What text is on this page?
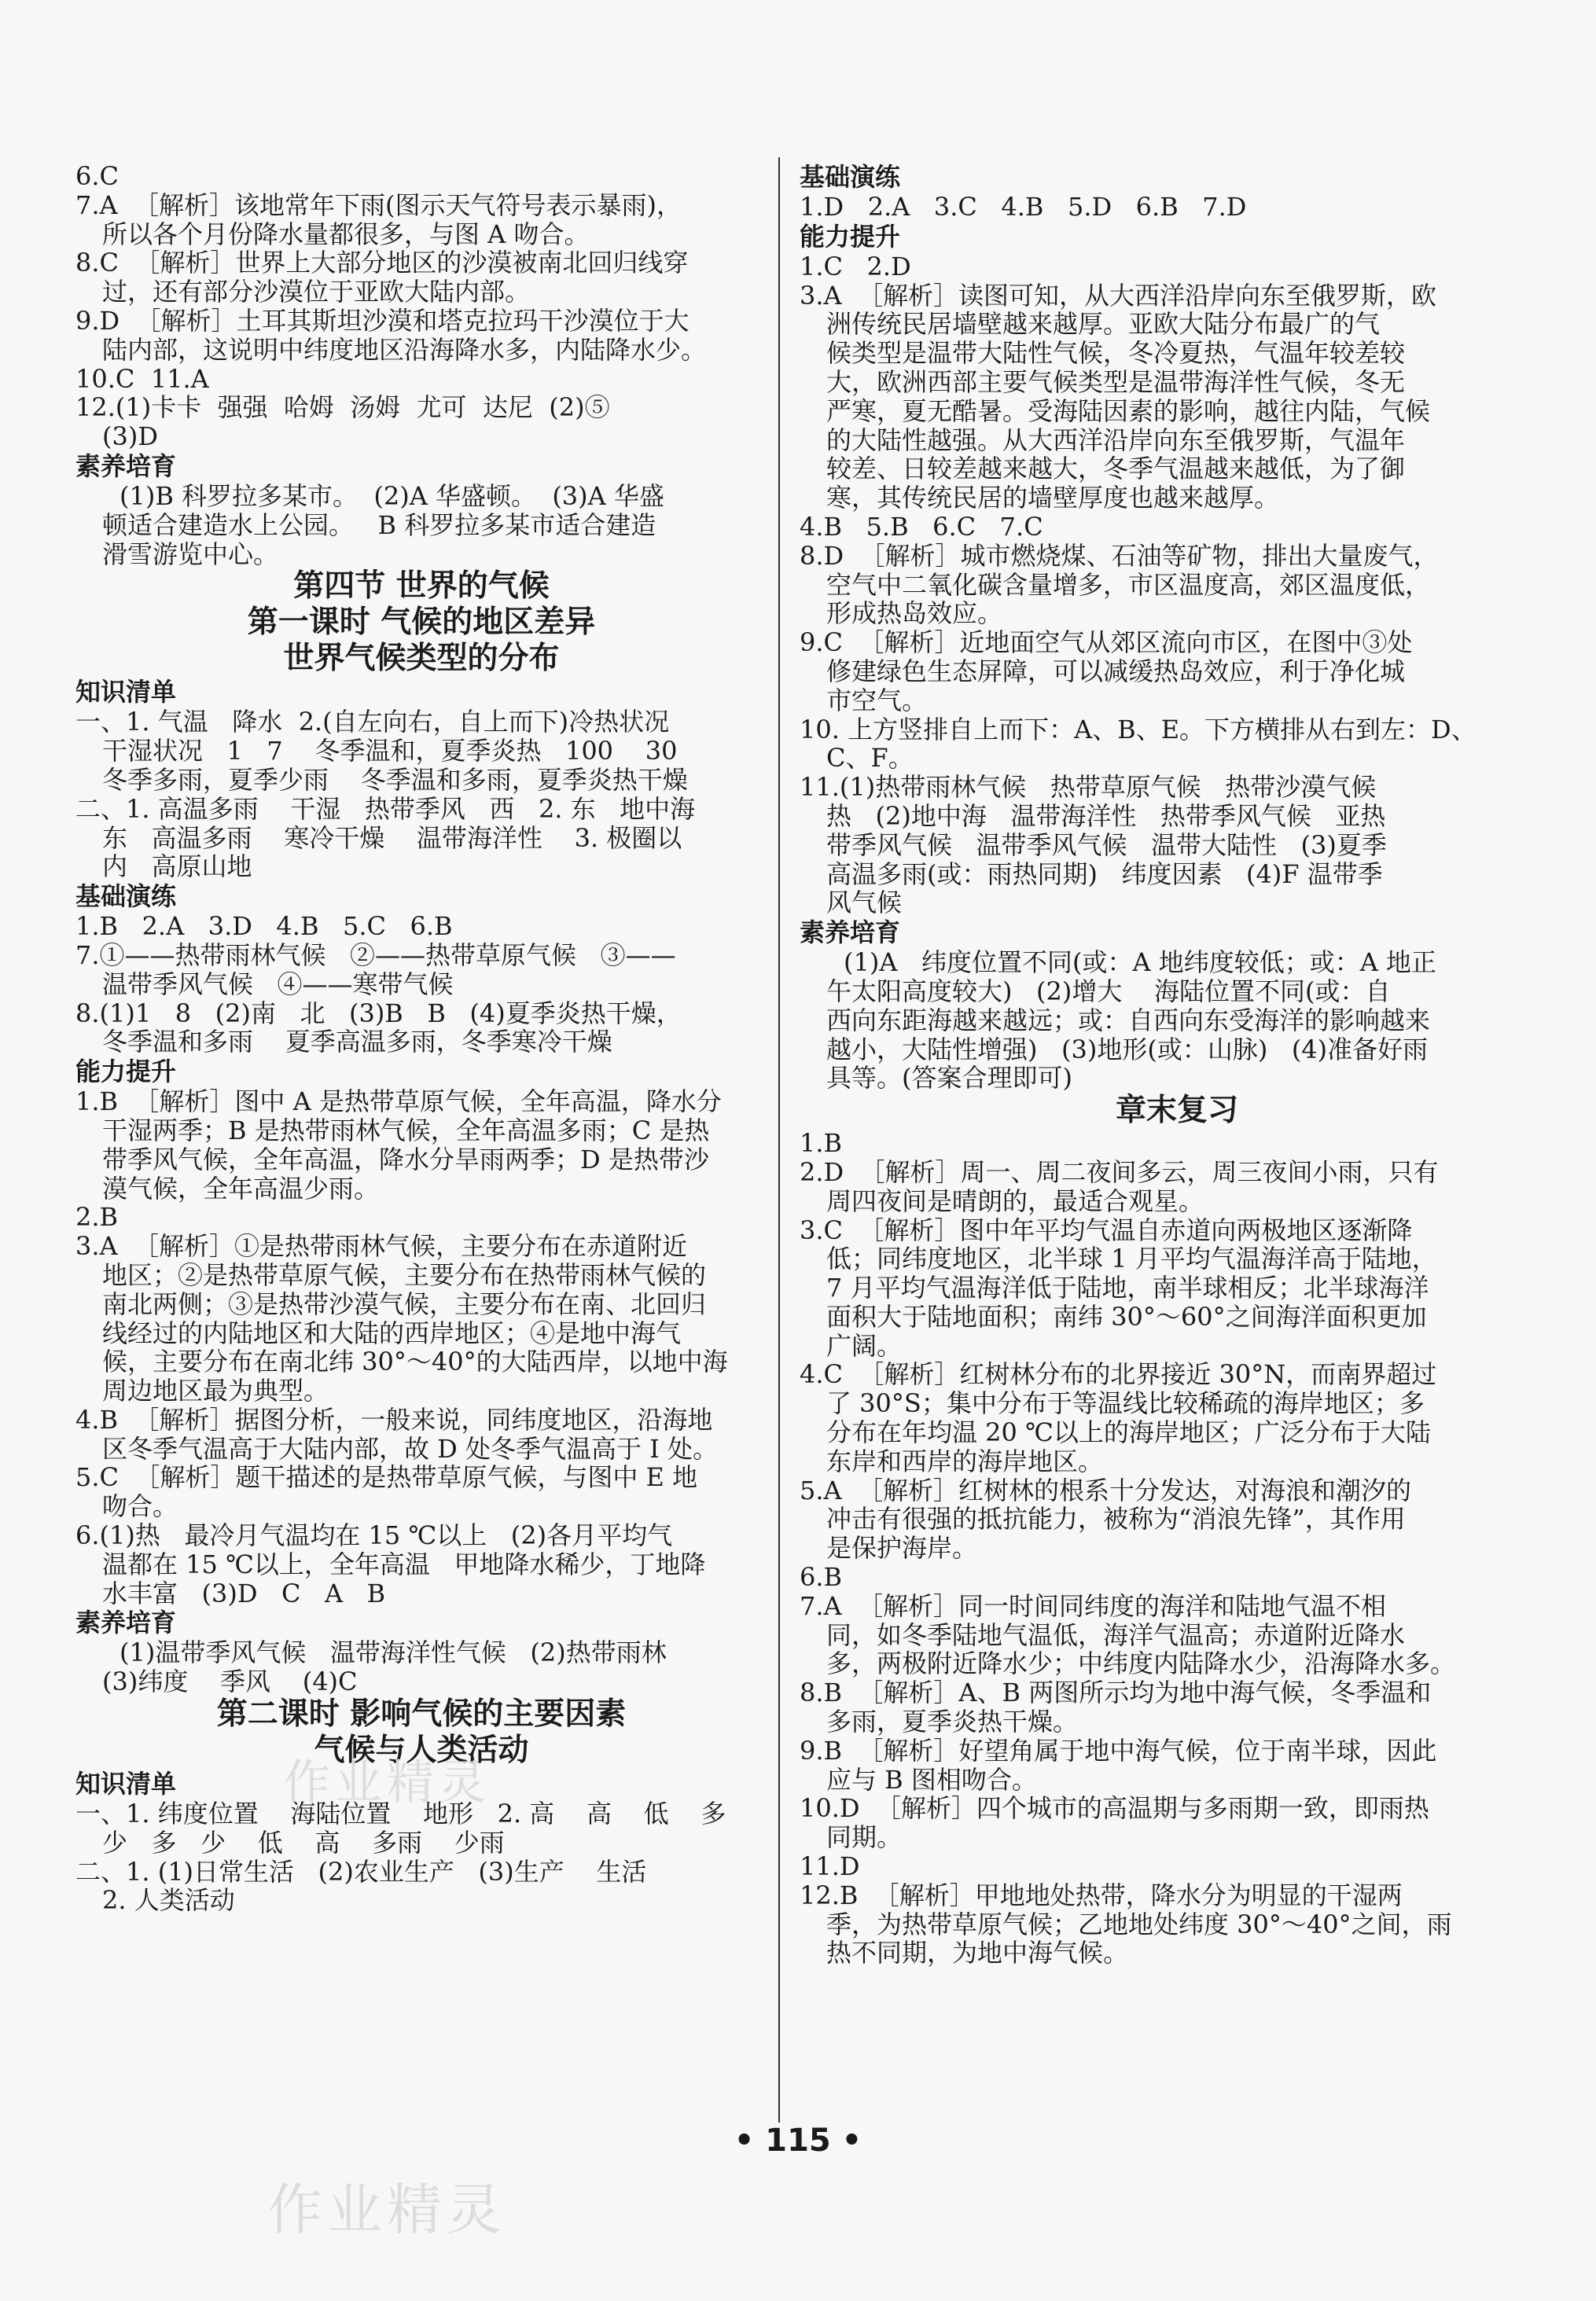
6.C
7.A  ［解析］该地常年下雨(图示天气符号表示暴雨)，
所以各个月份降水量都很多，与图 A 吻合。
8.C  ［解析］世界上大部分地区的沙漠被南北回归线穿
过，还有部分沙漠位于亚欧大陆内部。
9.D  ［解析］土耳其斯坦沙漠和塔克拉玛干沙漠位于大
陆内部，这说明中纬度地区沿海降水多，内陆降水少。
10.C  11.A
12.(1)卡卡  强强  哈姆  汤姆  尤可  达尼  (2)⑤
(3)D
素养培育
(1)B 科罗拉多某市。  (2)A 华盛顿。  (3)A 华盛
顿适合建造水上公园。   B 科罗拉多某市适合建造
滑雪游览中心。
第四节 世界的气候
第一课时 气候的地区差异
世界气候类型的分布
知识清单
一、1. 气温   降水  2.(自左向右，自上而下)冷热状况
干湿状况   1   7    冬季温和，夏季炎热   100    30
冬季多雨，夏季少雨    冬季温和多雨，夏季炎热干燥
二、1. 高温多雨    干湿   热带季风   西   2. 东   地中海
东   高温多雨    寒冷干燥    温带海洋性    3. 极圈以
内   高原山地
基础演练
1.B   2.A   3.D   4.B   5.C   6.B
7.①——热带雨林气候   ②——热带草原气候   ③——
温带季风气候   ④——寒带气候
8.(1)1   8   (2)南   北   (3)B   B   (4)夏季炎热干燥，
冬季温和多雨    夏季高温多雨，冬季寒冷干燥
能力提升
1.B  ［解析］图中 A 是热带草原气候，全年高温，降水分
干湿两季；B 是热带雨林气候，全年高温多雨；C 是热
带季风气候，全年高温，降水分旱雨两季；D 是热带沙
漠气候，全年高温少雨。
2.B
3.A  ［解析］①是热带雨林气候，主要分布在赤道附近
地区；②是热带草原气候，主要分布在热带雨林气候的
南北两侧；③是热带沙漠气候，主要分布在南、北回归
线经过的内陆地区和大陆的西岸地区；④是地中海气
候，主要分布在南北纬 30°～40°的大陆西岸，以地中海
周边地区最为典型。
4.B  ［解析］据图分析，一般来说，同纬度地区，沿海地
区冬季气温高于大陆内部，故 D 处冬季气温高于 I 处。
5.C  ［解析］题干描述的是热带草原气候，与图中 E 地
吻合。
6.(1)热   最冷月气温均在 15 ℃以上   (2)各月平均气
温都在 15 ℃以上，全年高温   甲地降水稀少，丁地降
水丰富   (3)D   C   A   B
素养培育
(1)温带季风气候   温带海洋性气候   (2)热带雨林
(3)纬度    季风    (4)C
第二课时 影响气候的主要因素
气候与人类活动
知识清单
一、1. 纬度位置    海陆位置    地形   2. 高    高    低    多
少   多   少    低    高    多雨    少雨
二、1. (1)日常生活   (2)农业生产   (3)生产    生活
2. 人类活动
基础演练
1.D   2.A   3.C   4.B   5.D   6.B   7.D
能力提升
1.C   2.D
3.A  ［解析］读图可知，从大西洋沿岸向东至俄罗斯，欧
洲传统民居墙壁越来越厚。亚欧大陆分布最广的气
候类型是温带大陆性气候，冬冷夏热，气温年较差较
大，欧洲西部主要气候类型是温带海洋性气候，冬无
严寒，夏无酷暑。受海陆因素的影响，越往内陆，气候
的大陆性越强。从大西洋沿岸向东至俄罗斯，气温年
较差、日较差越来越大，冬季气温越来越低，为了御
寒，其传统民居的墙壁厚度也越来越厚。
4.B   5.B   6.C   7.C
8.D  ［解析］城市燃烧煤、石油等矿物，排出大量废气，
空气中二氧化碳含量增多，市区温度高，郊区温度低，
形成热岛效应。
9.C  ［解析］近地面空气从郊区流向市区，在图中③处
修建绿色生态屏障，可以减缓热岛效应，利于净化城
市空气。
10. 上方竖排自上而下：A、B、E。下方横排从右到左：D、
C、F。
11.(1)热带雨林气候   热带草原气候   热带沙漠气候
热   (2)地中海   温带海洋性   热带季风气候   亚热
带季风气候   温带季风气候   温带大陆性   (3)夏季
高温多雨(或：雨热同期)   纬度因素   (4)F 温带季
风气候
素养培育
(1)A   纬度位置不同(或：A 地纬度较低；或：A 地正
午太阳高度较大)   (2)增大    海陆位置不同(或：自
西向东距海越来越远；或：自西向东受海洋的影响越来
越小，大陆性增强)   (3)地形(或：山脉)   (4)准备好雨
具等。(答案合理即可)
章末复习
1.B
2.D  ［解析］周一、周二夜间多云，周三夜间小雨，只有
周四夜间是晴朗的，最适合观星。
3.C  ［解析］图中年平均气温自赤道向两极地区逐渐降
低；同纬度地区，北半球 1 月平均气温海洋高于陆地，
7 月平均气温海洋低于陆地，南半球相反；北半球海洋
面积大于陆地面积；南纬 30°～60°之间海洋面积更加
广阔。
4.C  ［解析］红树林分布的北界接近 30°N，而南界超过
了 30°S；集中分布于等温线比较稀疏的海岸地区；多
分布在年均温 20 ℃以上的海岸地区；广泛分布于大陆
东岸和西岸的海岸地区。
5.A  ［解析］红树林的根系十分发达，对海浪和潮汐的
冲击有很强的抵抗能力，被称为“消浪先锋”，其作用
是保护海岸。
6.B
7.A  ［解析］同一时间同纬度的海洋和陆地气温不相
同，如冬季陆地气温低，海洋气温高；赤道附近降水
多，两极附近降水少；中纬度内陆降水少，沿海降水多。
8.B  ［解析］A、B 两图所示均为地中海气候，冬季温和
多雨，夏季炎热干燥。
9.B  ［解析］好望角属于地中海气候，位于南半球，因此
应与 B 图相吻合。
10.D  ［解析］四个城市的高温期与多雨期一致，即雨热
同期。
11.D
12.B  ［解析］甲地地处热带，降水分为明显的干湿两
季，为热带草原气候；乙地地处纬度 30°～40°之间，雨
热不同期，为地中海气候。
• 115 •
作业精灵
作业精灵
